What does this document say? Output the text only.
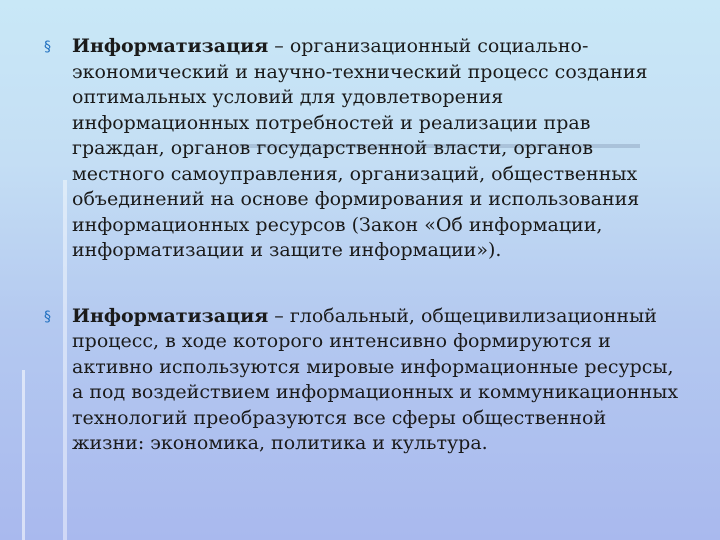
§ Информатизация – организационный социально-экономический и научно-технический процесс создания оптимальных условий для удовлетворения информационных потребностей и реализации прав граждан, органов государственной власти, органов местного самоуправления, организаций, общественных объединений на основе формирования и использования информационных ресурсов (Закон «Об информации, информатизации и защите информации»).
§ Информатизация – глобальный, общецивилизационный процесс, в ходе которого интенсивно формируются и активно используются мировые информационные ресурсы, а под воздействием информационных и коммуникационных технологий преобразуются все сферы общественной жизни: экономика, политика и культура.
